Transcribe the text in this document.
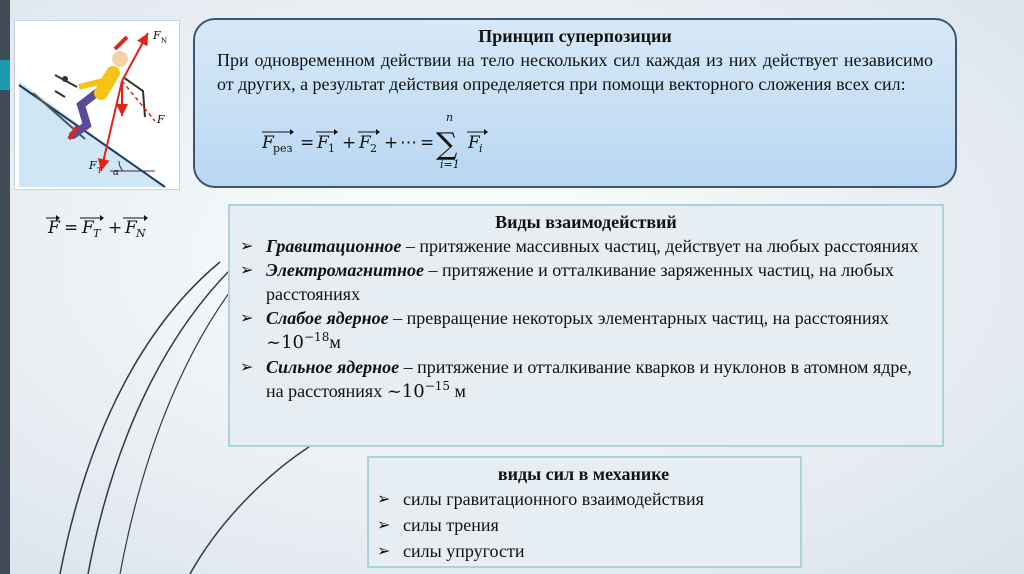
F N
F
F T α
F = F T + F N
Принцип суперпозиции
При одновременном действии на тело нескольких сил каждая из них действует независимо от других, а результат действия определяется при помощи векторного сложения всех сил:
F рез = F 1 + F 2 + ⋯ = ∑
n
i=1
F i
Виды взаимодействий
➢ Гравитационное – притяжение массивных частиц, действует на любых расстояниях
➢ Электромагнитное – притяжение и отталкивание заряженных частиц, на любых расстояниях
➢ Слабое ядерное – превращение некоторых элементарных частиц, на расстояниях $\sim 10^{-18}м$
➢ Сильное ядерное – притяжение и отталкивание кварков и нуклонов в атомном ядре, на расстояниях $\sim 10^{-15}$ м
виды сил в механике
➢ силы гравитационного взаимодействия
➢ силы трения
➢ силы упругости
